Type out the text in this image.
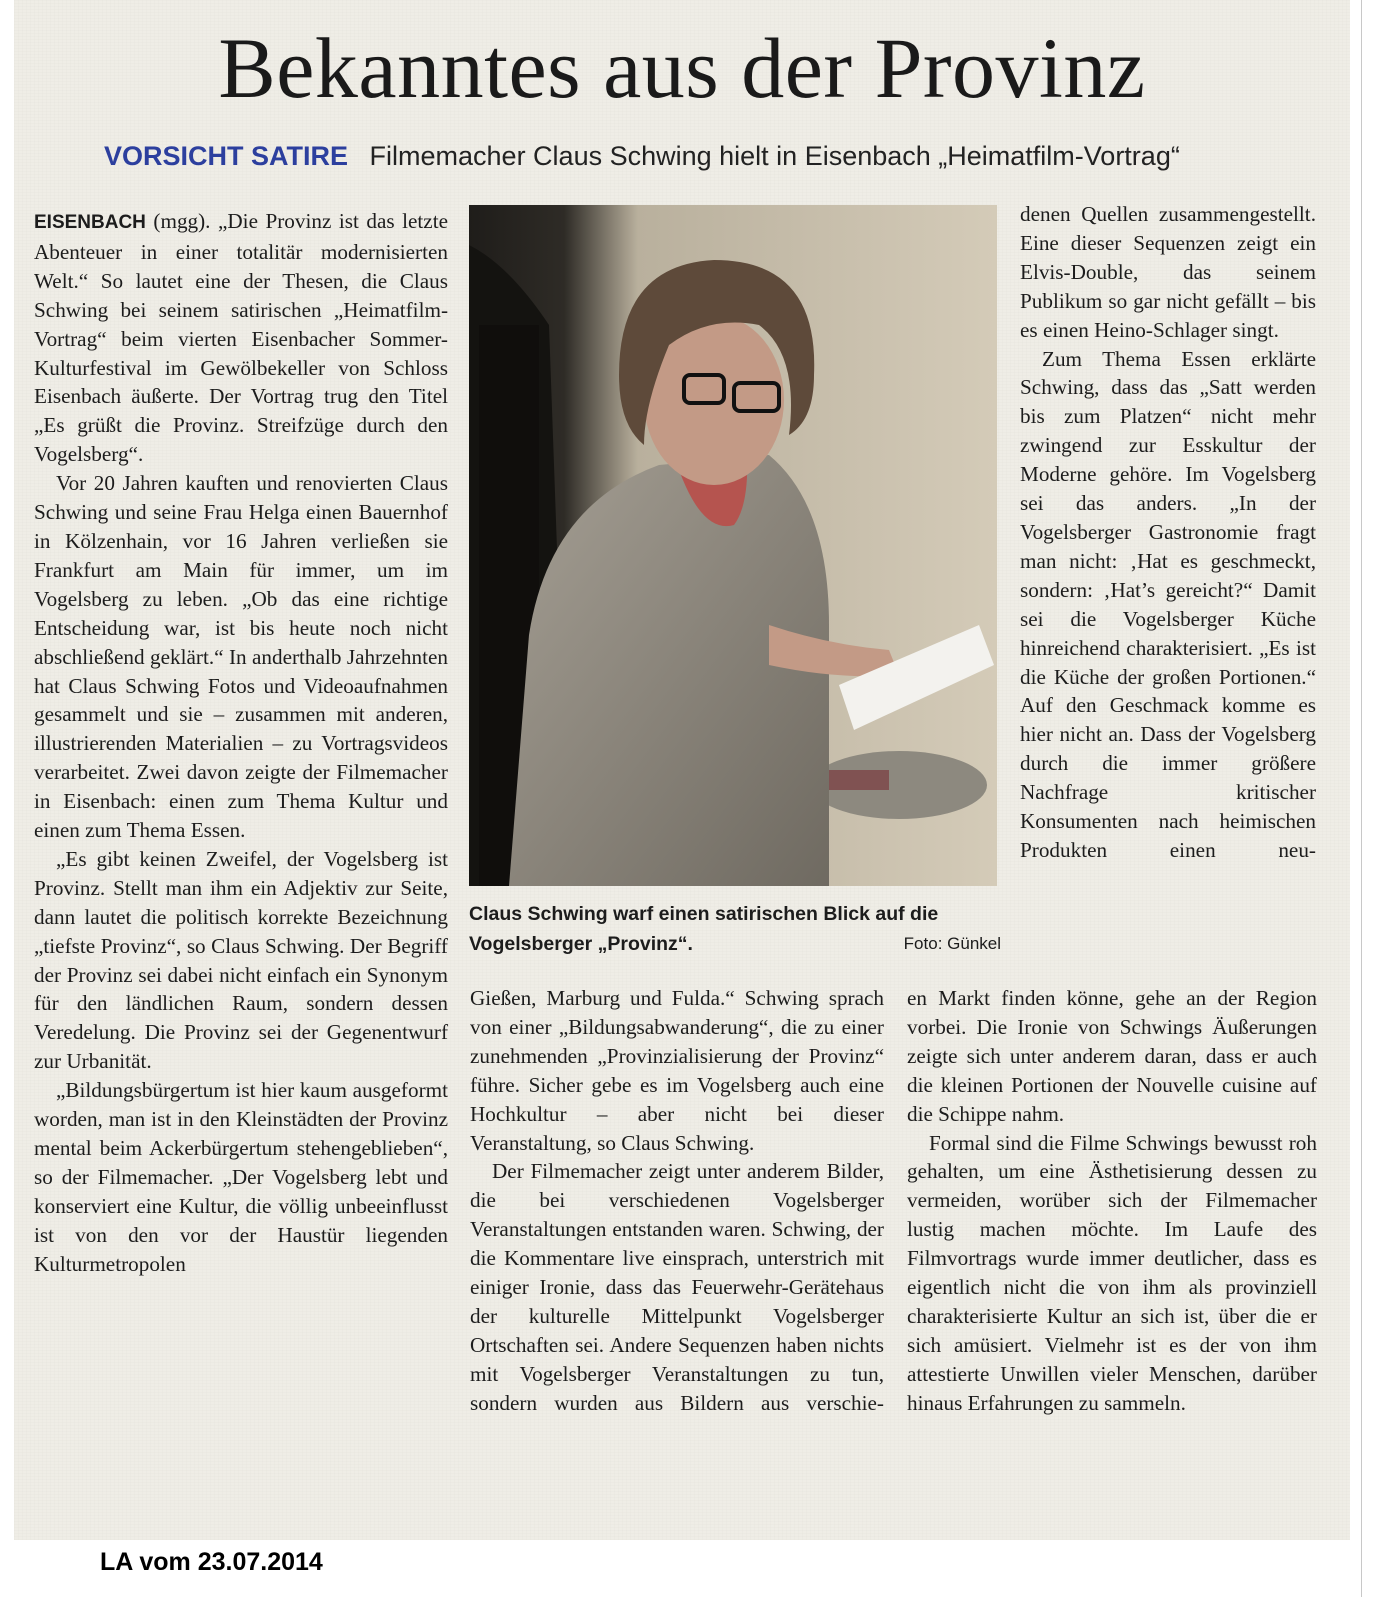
Bekanntes aus der Provinz
VORSICHT SATIRE Filmemacher Claus Schwing hielt in Eisenbach „Heimatfilm-Vortrag“

EISENBACH (mgg). „Die Provinz ist das letzte Abenteuer in einer totalitär modernisierten Welt.“ So lautet eine der Thesen, die Claus Schwing bei seinem satirischen „Heimatfilm-Vortrag“ beim vierten Eisenbacher Sommer-Kulturfestival im Gewölbekeller von Schloss Eisenbach äußerte. Der Vortrag trug den Titel „Es grüßt die Provinz. Streifzüge durch den Vogelsberg“.

Vor 20 Jahren kauften und renovierten Claus Schwing und seine Frau Helga einen Bauernhof in Kölzenhain, vor 16 Jahren verließen sie Frankfurt am Main für immer, um im Vogelsberg zu leben. „Ob das eine richtige Entscheidung war, ist bis heute noch nicht abschließend geklärt.“ In anderthalb Jahrzehnten hat Claus Schwing Fotos und Videoaufnahmen gesammelt und sie – zusammen mit anderen, illustrierenden Materialien – zu Vortragsvideos verarbeitet. Zwei davon zeigte der Filmemacher in Eisenbach: einen zum Thema Kultur und einen zum Thema Essen.

„Es gibt keinen Zweifel, der Vogelsberg ist Provinz. Stellt man ihm ein Adjektiv zur Seite, dann lautet die politisch korrekte Bezeichnung „tiefste Provinz“, so Claus Schwing. Der Begriff der Provinz sei dabei nicht einfach ein Synonym für den ländlichen Raum, sondern dessen Veredelung. Die Provinz sei der Gegenentwurf zur Urbanität.

„Bildungsbürgertum ist hier kaum ausgeformt worden, man ist in den Kleinstädten der Provinz mental beim Ackerbürgertum stehengeblieben“, so der Filmemacher. „Der Vogelsberg lebt und konserviert eine Kultur, die völlig unbeeinflusst ist von den vor der Haustür liegenden Kulturmetropolen

Claus Schwing warf einen satirischen Blick auf die Vogelsberger „Provinz“.	Foto: Günkel

Gießen, Marburg und Fulda.“ Schwing sprach von einer „Bildungsabwanderung“, die zu einer zunehmenden „Provinzialisierung der Provinz“ führe. Sicher gebe es im Vogelsberg auch eine Hochkultur – aber nicht bei dieser Veranstaltung, so Claus Schwing.

Der Filmemacher zeigt unter anderem Bilder, die bei verschiedenen Vogelsberger Veranstaltungen entstanden waren. Schwing, der die Kommentare live einsprach, unterstrich mit einiger Ironie, dass das Feuerwehr-Gerätehaus der kulturelle Mittelpunkt Vogelsberger Ortschaften sei. Andere Sequenzen haben nichts mit Vogelsberger Veranstaltungen zu tun, sondern wurden aus Bildern aus verschie-

denen Quellen zusammengestellt. Eine dieser Sequenzen zeigt ein Elvis-Double, das seinem Publikum so gar nicht gefällt – bis es einen Heino-Schlager singt.

Zum Thema Essen erklärte Schwing, dass das „Satt werden bis zum Platzen“ nicht mehr zwingend zur Esskultur der Moderne gehöre. Im Vogelsberg sei das anders. „In der Vogelsberger Gastronomie fragt man nicht: ‚Hat es geschmeckt, sondern: ‚Hat’s gereicht?“ Damit sei die Vogelsberger Küche hinreichend charakterisiert. „Es ist die Küche der großen Portionen.“ Auf den Geschmack komme es hier nicht an. Dass der Vogelsberg durch die immer größere Nachfrage kritischer Konsumenten nach heimischen Produkten einen neu-

en Markt finden könne, gehe an der Region vorbei. Die Ironie von Schwings Äußerungen zeigte sich unter anderem daran, dass er auch die kleinen Portionen der Nouvelle cuisine auf die Schippe nahm.

Formal sind die Filme Schwings bewusst roh gehalten, um eine Ästhetisierung dessen zu vermeiden, worüber sich der Filmemacher lustig machen möchte. Im Laufe des Filmvortrags wurde immer deutlicher, dass es eigentlich nicht die von ihm als provinziell charakterisierte Kultur an sich ist, über die er sich amüsiert. Vielmehr ist es der von ihm attestierte Unwillen vieler Menschen, darüber hinaus Erfahrungen zu sammeln.

LA vom 23.07.2014
